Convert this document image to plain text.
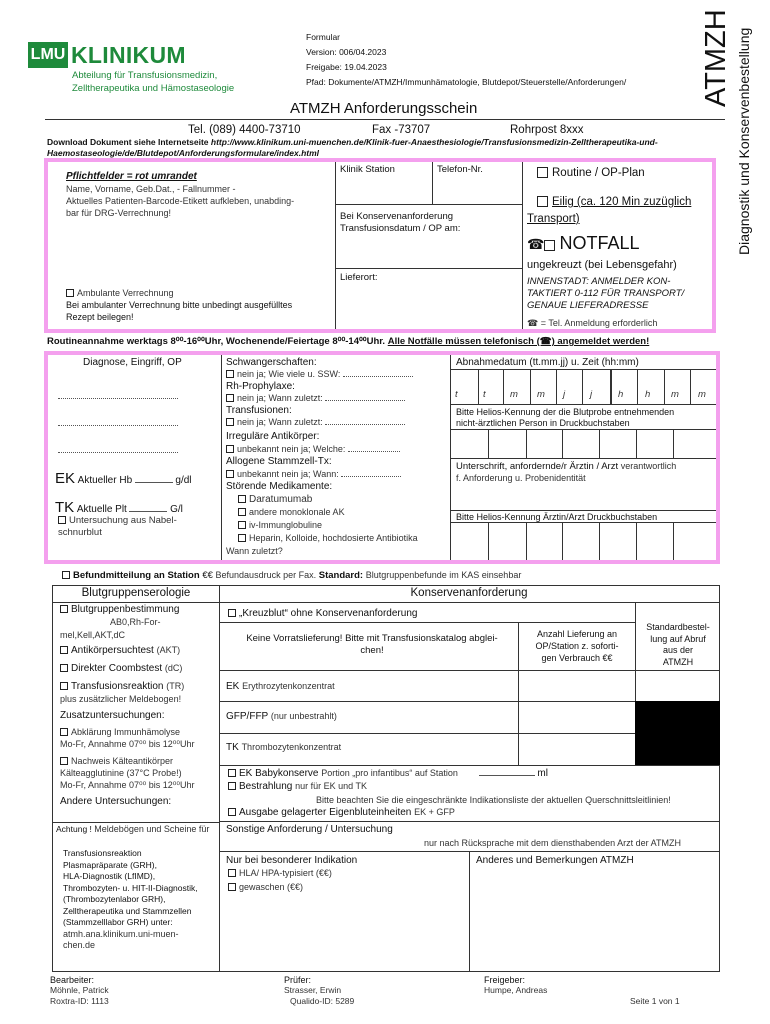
LMU KLINIKUM
Abteilung für Transfusionsmedizin,
Zelltherapeutika und Hämostaseologie
Formular
Version: 006/04.2023
Freigabe: 19.04.2023
Pfad: Dokumente/ATMZH/Immunhämatologie, Blutdepot/Steuerstelle/Anforderungen/	ATMZH Diagnostik und Konservenbestellung
ATMZH Anforderungsschein
Tel. (089) 4400-73710	Fax -73707	Rohrpost 8xxx
Download Dokument siehe Internetseite http://www.klinikum.uni-muenchen.de/Klinik-fuer-Anaesthesiologie/Transfusionsmedizin-Zelltherapeutika-und-Haemostaseologie/de/Blutdepot/Anforderungsformulare/index.html
Pflichtfelder = rot umrandet
Name, Vorname, Geb.Dat., - Fallnummer -
Aktuelles Patienten-Barcode-Etikett aufkleben, unabding-
bar für DRG-Verrechnung!
Ambulante Verrechnung
Bei ambulanter Verrechnung bitte unbedingt ausgefülltes
Rezept beilegen!
Klinik Station	Telefon-Nr.
Bei Konservenanforderung
Transfusionsdatum / OP am:
Lieferort:
Routine / OP-Plan
Eilig (ca. 120 Min zuzüglich
Transport)
☎ NOTFALL
ungekreuzt (bei Lebensgefahr)
INNENSTADT: ANMELDER KON-
TAKTIERT 0-112 FÜR TRANSPORT/
GENAUE LIEFERADRESSE
☎ = Tel. Anmeldung erforderlich
Routineannahme werktags 8⁰⁰-16⁰⁰Uhr, Wochenende/Feiertage 8⁰⁰-14⁰⁰Uhr. Alle Notfälle müssen telefonisch (☎) angemeldet werden!
t	t	m m j	j	h h m m
Diagnose, Eingriff, OP
EK Aktueller Hb	g/dl
TK Aktuelle Plt	G/l
Untersuchung aus Nabel-
schnurblut
Schwangerschaften:
nein ja; Wie viele u. SSW:
Rh-Prophylaxe:
nein ja; Wann zuletzt:
Transfusionen:
nein ja; Wann zuletzt:
Irreguläre Antikörper:
unbekannt nein ja; Welche:
Allogene Stammzell-Tx:
unbekannt nein ja; Wann:
Störende Medikamente:
Daratumumab
andere monoklonale AK
iv-Immunglobuline
Heparin, Kolloide, hochdosierte Antibiotika
Wann zuletzt?
Abnahmedatum (tt.mm.jj) u. Zeit (hh:mm)
Bitte Helios-Kennung der die Blutprobe entnehmenden
nicht-ärztlichen Person in Druckbuchstaben
Unterschrift, anfordernde/r Ärztin / Arzt verantwortlich
f. Anforderung u. Probenidentität
Bitte Helios-Kennung Ärztin/Arzt Druckbuchstaben
Befundmitteilung an Station €€ Befundausdruck per Fax. Standard: Blutgruppenbefunde im KAS einsehbar
Blutgruppenserologie	Konservenanforderung
Blutgruppenbestimmung
AB0,Rh-For-
mel,Kell,AKT,dC
Antikörpersuchtest (AKT)
Direkter Coombstest (dC)
Transfusionsreaktion (TR)
plus zusätzlicher Meldebogen!
Zusatzuntersuchungen:
Abklärung Immunhämolyse
Mo-Fr, Annahme 07⁰⁰ bis 12⁰⁰Uhr
Nachweis Kälteantikörper
Kälteagglutinine (37°C Probe!)
Mo-Fr, Annahme 07⁰⁰ bis 12⁰⁰Uhr
Andere Untersuchungen:
Achtung ! Meldebögen und Scheine für
Transfusionsreaktion
Plasmapräparate (GRH),
HLA-Diagnostik (LfIMD),
Thrombozyten- u. HIT-II-Diagnostik,
(Thrombozytenlabor GRH),
Zelltherapeutika und Stammzellen
(Stammzelllabor GRH) unter:
atmh.ana.klinikum.uni-muen-
chen.de
„Kreuzblut“ ohne Konservenanforderung
Keine Vorratslieferung! Bitte mit Transfusionskatalog abglei-
chen!
Anzahl Lieferung an
OP/Station z. soforti-
gen Verbrauch €€
Standardbestel-
lung auf Abruf
aus der
ATMZH
EK Erythrozytenkonzentrat
GFP/FFP (nur unbestrahlt)
TK Thrombozytenkonzentrat
EK Babykonserve Portion „pro infantibus“ auf Station	ml
Bestrahlung nur für EK und TK
Bitte beachten Sie die eingeschränkte Indikationsliste der aktuellen Querschnittsleitlinien!
Ausgabe gelagerter Eigenbluteinheiten EK + GFP
Sonstige Anforderung / Untersuchung
nur nach Rücksprache mit dem diensthabenden Arzt der ATMZH
Nur bei besonderer Indikation
HLA/ HPA-typisiert (€€)
gewaschen (€€)
Anderes und Bemerkungen ATMZH
Bearbeiter:
Möhnle, Patrick
Roxtra-ID: 1113
Prüfer:
Strasser, Erwin
Qualido-ID: 5289
Freigeber:
Humpe, Andreas
Seite 1 von 1
